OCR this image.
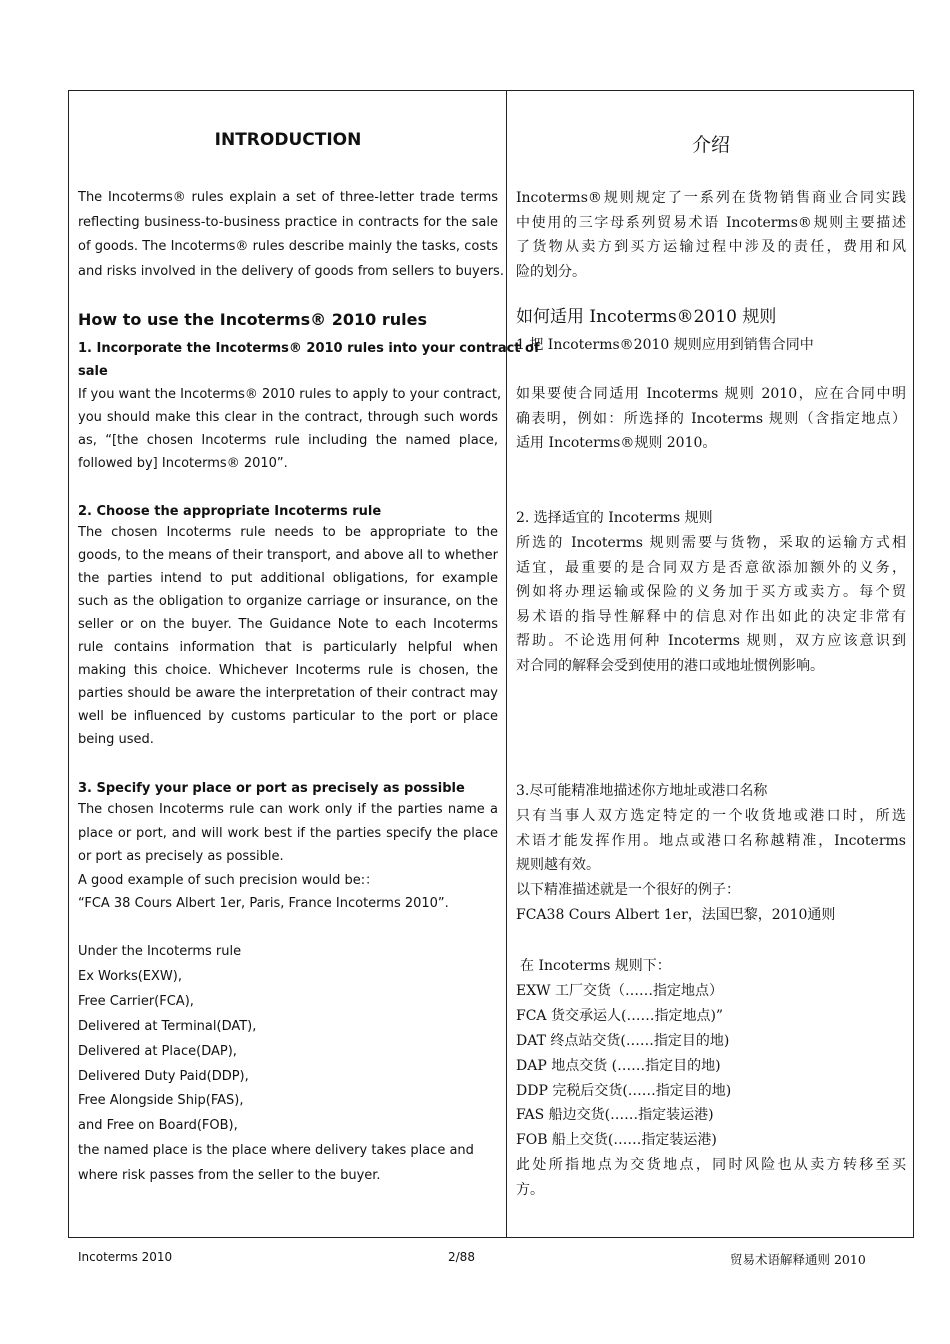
INTRODUCTION
The Incoterms® rules explain a set of three-letter trade terms
reflecting business-to-business practice in contracts for the sale
of goods. The Incoterms® rules describe mainly the tasks, costs
and risks involved in the delivery of goods from sellers to buyers.
How to use the Incoterms® 2010 rules
1. Incorporate the Incoterms® 2010 rules into your contract of
sale
If you want the Incoterms® 2010 rules to apply to your contract,
you should make this clear in the contract, through such words
as, “[the chosen Incoterms rule including the named place,
followed by] Incoterms® 2010”.
2. Choose the appropriate Incoterms rule
The chosen Incoterms rule needs to be appropriate to the
goods, to the means of their transport, and above all to whether
the parties intend to put additional obligations, for example
such as the obligation to organize carriage or insurance, on the
seller or on the buyer. The Guidance Note to each Incoterms
rule contains information that is particularly helpful when
making this choice. Whichever Incoterms rule is chosen, the
parties should be aware the interpretation of their contract may
well be influenced by customs particular to the port or place
being used.
3. Specify your place or port as precisely as possible
The chosen Incoterms rule can work only if the parties name a
place or port, and will work best if the parties specify the place
or port as precisely as possible.
A good example of such precision would be:：
“FCA 38 Cours Albert 1er, Paris, France Incoterms 2010”.
Under the Incoterms rule
Ex Works(EXW),
Free Carrier(FCA),
Delivered at Terminal(DAT),
Delivered at Place(DAP),
Delivered Duty Paid(DDP),
Free Alongside Ship(FAS),
and Free on Board(FOB),
the named place is the place where delivery takes place and
where risk passes from the seller to the buyer.
介绍
Incoterms®规则规定了一系列在货物销售商业合同实践
中使用的三字母系列贸易术语 Incoterms®规则主要描述
了货物从卖方到买方运输过程中涉及的责任，费用和风
险的划分。
如何适用 Incoterms®2010 规则
1.把 Incoterms®2010 规则应用到销售合同中
如果要使合同适用 Incoterms 规则 2010，应在合同中明
确表明，例如：所选择的 Incoterms 规则（含指定地点）
适用 Incoterms®规则 2010。
2. 选择适宜的 Incoterms 规则
所选的 Incoterms 规则需要与货物，采取的运输方式相
适宜，最重要的是合同双方是否意欲添加额外的义务，
例如将办理运输或保险的义务加于买方或卖方。每个贸
易术语的指导性解释中的信息对作出如此的决定非常有
帮助。不论选用何种 Incoterms 规则，双方应该意识到
对合同的解释会受到使用的港口或地址惯例影响。
3.尽可能精准地描述你方地址或港口名称
只有当事人双方选定特定的一个收货地或港口时，所选
术语才能发挥作用。地点或港口名称越精准，Incoterms
规则越有效。
以下精准描述就是一个很好的例子：
FCA38 Cours Albert 1er，法国巴黎，2010通则
在 Incoterms 规则下：
EXW 工厂交货（……指定地点）
FCA 货交承运人(……指定地点)”
DAT 终点站交货(……指定目的地)
DAP 地点交货 (……指定目的地)
DDP 完税后交货(……指定目的地)
FAS 船边交货(……指定装运港)
FOB 船上交货(……指定装运港)
此处所指地点为交货地点，同时风险也从卖方转移至买
方。
Incoterms 2010	2/88	贸易术语解释通则 2010
